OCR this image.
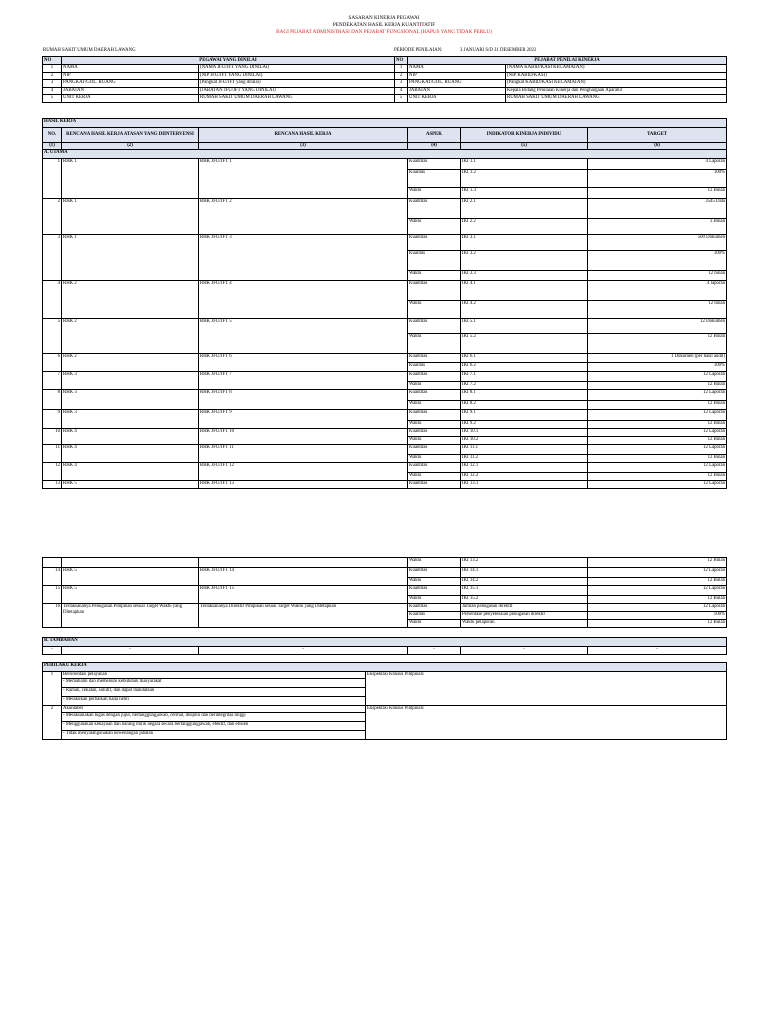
SASARAN KINERJA PEGAWAI
PENDEKATAN HASIL KERJA KUANTITATIF
BAGI PEJABAT ADMINISTRASI DAN PEJABAT FUNGSIONAL (HAPUS YANG TIDAK PERLU)
RUMAH SAKIT UMUM DAERAH LAWANG	PERIODE PENILAIAN:	3 JANUARI S/D 31 DESEMBER 2022
NO	PEGAWAI YANG DINILAI		NO	PEJABAT PENILAI KINERJA	
1	NAMA	(NAMA JFU/JFT YANG DINILAI)	1	NAMA	(NAMA KABID/KASI KECAMATAN)
2	NIP	(NIP JFU/JFT YANG DINILAI)	2	NIP	(NIP KABID/KASI)
3	PANGKAT/GOL. RUANG	(Pangkat JFU/JFT yang dinilai)	3	PANGKAT/GOL. RUANG	(Pangkat KABID/KASI KECAMATAN)
4	JABATAN	(JABATAN JFU/JFT YANG DINILAI)	4	JABATAN	Kepala Bidang Penilaian Kinerja dan Penghargaan Aparatur
5	UNIT KERJA	RUMAH SAKIT UMUM DAERAH LAWANG	5	UNIT KERJA	RUMAH SAKIT UMUM DAERAH LAWANG
HASIL KERJA					
NO.	RENCANA HASIL KERJA ATASAN YANG DIINTERVENSI	RENCANA HASIL KERJA	ASPEK	INDIKATOR KINERJA INDIVIDU	TARGET
(1)	(2)	(3)	(4)	(5)	(6)
A. UTAMA					
1	RHK 1	RHK JFU/JFT 1	Kuantitas	IKI 1.1	4 Laporan
			Kualitas	IKI 1.2	100%
			Waktu	IKI 1.3	12 Bulan
2	RHK 1	RHK JFU/JFT 2	Kuantitas	IKI 2.1	3545 Data
			Waktu	IKI 2.2	3 Bulan
3	RHK 1	RHK JFU/JFT 3	Kuantitas	IKI 3.1	500 Dokumen
			Kualitas	IKI 3.2	100%
			Waktu	IKI 3.3	12 bulan
4	RHK 2	RHK JFU/JFT 4	Kuantitas	IKI 4.1	4 laporan
			Waktu	IKI 4.2	12 bulan
5	RHK 2	RHK JFU/JFT 5	Kuantitas	IKI 5.1	12 Dokumen
			Waktu	IKI 5.2	12 Bulan
6	RHK 2	RHK JFU/JFT 6	Kuantitas	IKI 6.1	1 Dokumen (per hasil audit)
			Kualitas	IKI 6.2	100%
7	RHK 3	RHK JFU/JFT 7	Kuantitas	IKI 7.1	12 Laporan
			Waktu	IKI 7.2	12 Bulan
8	RHK 3	RHK JFU/JFT 8	Kuantitas	IKI 8.1	12 Laporan
			Waktu	IKI 8.2	12 Bulan
9	RHK 3	RHK JFU/JFT 9	Kuantitas	IKI 9.1	12 Laporan
			Waktu	IKI 9.2	12 Bulan
10	RHK 4	RHK JFU/JFT 10	Kuantitas	IKI 10.1	12 Laporan
			Waktu	IKI 10.2	12 Bulan
11	RHK 4	RHK JFU/JFT 11	Kuantitas	IKI 11.1	12 Laporan
			Waktu	IKI 11.2	12 Bulan
12	RHK 4	RHK JFU/JFT 12	Kuantitas	IKI 12.1	12 Laporan
			Waktu	IKI 12.2	12 Bulan
13	RHK 5	RHK JFU/JFT 13	Kuantitas	IKI 13.1	12 Laporan
			Waktu	IKI 13.2	12 Bulan
14	RHK 5	RHK JFU/JFT 14	Kuantitas	IKI 14.1	12 Laporan
			Waktu	IKI 14.2	12 Bulan
15	RHK 5	RHK JFU/JFT 15	Kuantitas	IKI 15.1	12 Laporan
			Waktu	IKI 15.2	12 Bulan
16	Terlaksananya Penugasan Pimpinan sesuai Target Waktu yang Ditetapkan	Terlaksananya Direktif Pimpinan sesuai Target Waktu yang Ditetapkan	Kuantitas	Jumlah penugasan direktif	12 Laporan
			Kualitas	Persentase penyelesaian penugasan direktif	100%
			Waktu	Waktu pelaporan	12 Bulan

B. TAMBAHAN					
-	-	-	-	-	-
PERILAKU KERJA		
1	Berorientasi pelayanan	Ekspektasi Khusus Pimpinan:
	- Memahami dan memenuhi kebutuhan masyarakat	
	- Ramah, cekatan, solutif, dan dapat diandalkan	
	- Melakukan perbaikan tiada henti	
2	Akuntabel	Ekspektasi Khusus Pimpinan:
	- Melaksanakan tugas dengan jujur, bertanggungjawab, cermat, disiplin dan berintegritas tinggi	
	- Menggunakan kekayaan dan barang milik negara secara bertanggungjawab, efektif, dan efisien	
	- Tidak menyalahgunakan kewenangan jabatan	
